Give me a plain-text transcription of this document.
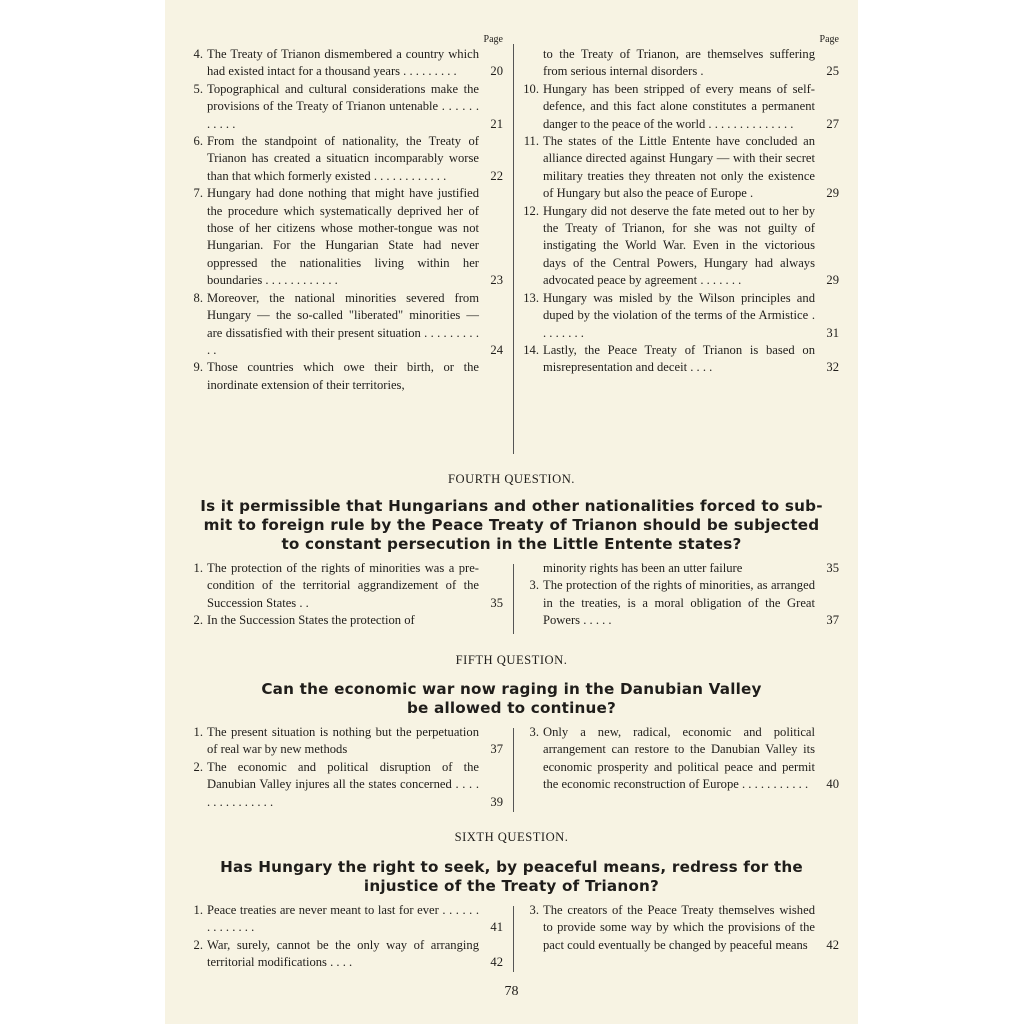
Page
4. The Treaty of Trianon dismembered a country which had existed intact for a thousand years . . . . . . . . .	20
5. Topographical and cultural considerations make the provisions of the Treaty of Trianon untenable . . . . . . . . . . .	21
6. From the standpoint of nationality, the Treaty of Trianon has created a situaticn incomparably worse than that which formerly existed . . . . . . . . . . . .	22
7. Hungary had done nothing that might have justified the procedure which systematically deprived her of those of her citizens whose mother-tongue was not Hungarian. For the Hungarian State had never oppressed the nationalities living within her boundaries . . . . . . . . . . . .	23
8. Moreover, the national minorities severed from Hungary — the so-called "liberated" minorities — are dissatisfied with their present situation . . . . . . . . . . .	24
9. Those countries which owe their birth, or the inordinate extension of their territories,
Page
to the Treaty of Trianon, are themselves suffering from serious internal disorders .	25
10. Hungary has been stripped of every means of self-defence, and this fact alone constitutes a permanent danger to the peace of the world . . . . . . . . . . . . . .	27
11. The states of the Little Entente have concluded an alliance directed against Hungary — with their secret military treaties they threaten not only the existence of Hungary but also the peace of Europe .	29
12. Hungary did not deserve the fate meted out to her by the Treaty of Trianon, for she was not guilty of instigating the World War. Even in the victorious days of the Central Powers, Hungary had always advocated peace by agreement . . . . . . .	29
13. Hungary was misled by the Wilson principles and duped by the violation of the terms of the Armistice . . . . . . . .	31
14. Lastly, the Peace Treaty of Trianon is based on misrepresentation and deceit . . . .	32
FOURTH QUESTION.
Is it permissible that Hungarians and other nationalities forced to sub-
mit to foreign rule by the Peace Treaty of Trianon should be subjected
to constant persecution in the Little Entente states?
1. The protection of the rights of minorities was a pre-condition of the territorial aggrandizement of the Succession States . .	35
2. In the Succession States the protection of
minority rights has been an utter failure	35
3. The protection of the rights of minorities, as arranged in the treaties, is a moral obligation of the Great Powers . . . . .	37
FIFTH QUESTION.
Can the economic war now raging in the Danubian Valley
be allowed to continue?
1. The present situation is nothing but the perpetuation of real war by new methods	37
2. The economic and political disruption of the Danubian Valley injures all the states concerned . . . . . . . . . . . . . . .	39
3. Only a new, radical, economic and political arrangement can restore to the Danubian Valley its economic prosperity and political peace and permit the economic reconstruction of Europe . . . . . . . . . . .	40
SIXTH QUESTION.
Has Hungary the right to seek, by peaceful means, redress for the
injustice of the Treaty of Trianon?
1. Peace treaties are never meant to last for ever . . . . . . . . . . . . . .	41
2. War, surely, cannot be the only way of arranging territorial modifications . . . .	42
3. The creators of the Peace Treaty themselves wished to provide some way by which the provisions of the pact could eventually be changed by peaceful means	42
78
